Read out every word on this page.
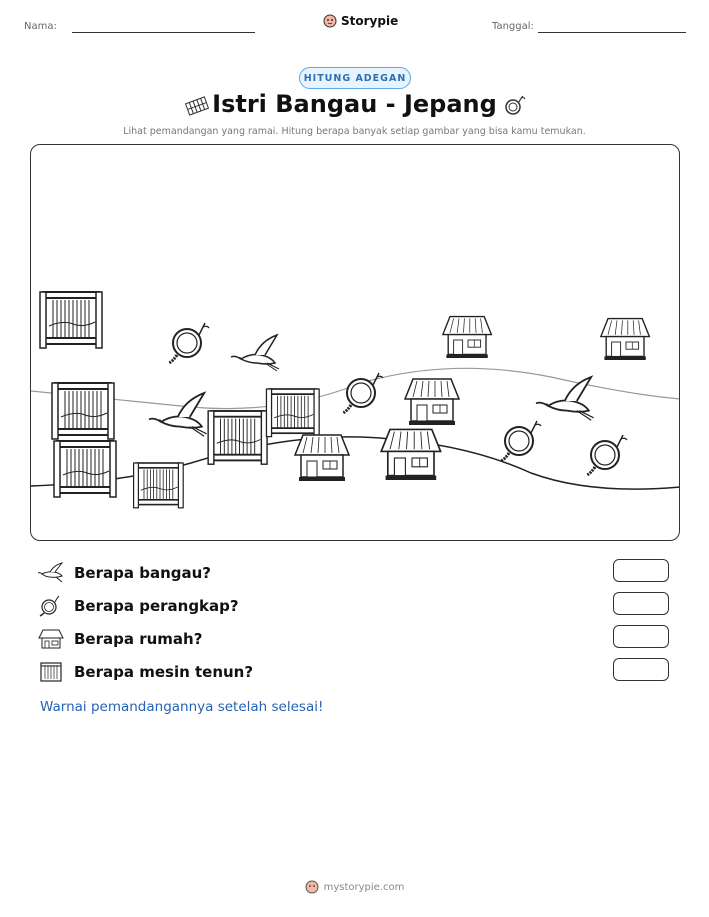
Nama:	Storypie	Tanggal:
HITUNG ADEGAN
Istri Bangau - Jepang
Lihat pemandangan yang ramai. Hitung berapa banyak setiap gambar yang bisa kamu temukan.
Berapa bangau?
Berapa perangkap?
Berapa rumah?
Berapa mesin tenun?
Warnai pemandangannya setelah selesai!
mystorypie.com
